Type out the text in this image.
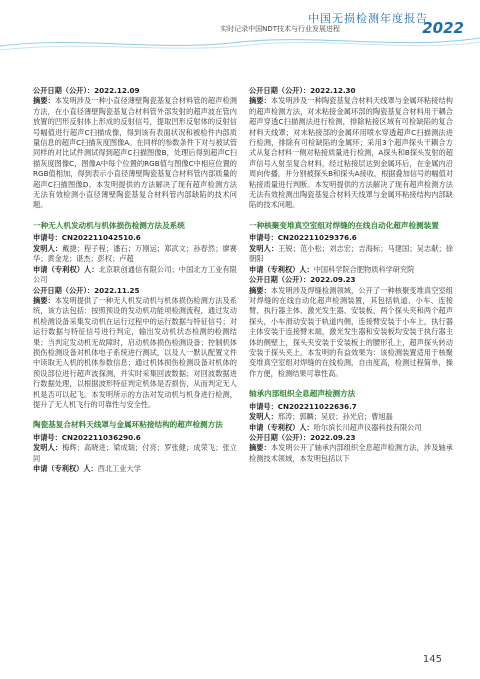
中国无损检测年度报告
2022
实时记录中国NDT技术与行业发展进程

公开日期（公开）：2022.12.09

摘要：本发明涉及一种小直径薄壁陶瓷基复合材料管的超声检测方法，在小直径薄壁陶瓷基复合材料管外部发射的超声波在管内放置的凹形反射体上形成的反射信号，提取凹形反射体的反射信号幅值进行超声C扫描成像，得到该有表面状况和被检件内部质量信息的超声C扫描灰度图像A。在同样的参数条件下对与被试管同样的对比试件测试得到超声C扫描图像B，处理后得到超声C扫描灰度图像C，图像A中每个位置的RGB值与图像C中相应位置的RGB值相加，得到表示小直径薄壁陶瓷基复合材料管内部质量的超声C扫描图像D。本发明提供的方法解决了现有超声检测方法无法有效检测小直径薄壁陶瓷基复合材料管内部缺陷的技术问题。

一种无人机发动机与机体损伤检测方法及系统

申请号：CN202211042510.6

发明人：戴捷；程子程；潘石；万刚运；郑武文；孙春然；廖赛华；黄金龙；谌杰；彭权；卢超

申请（专利权）人：北京联创通信有限公司；中国北方工业有限公司

公开日期（公开）：2022.11.25

摘要：本发明提供了一种无人机发动机与机体损伤检测方法及系统，该方法包括：按照预设的发动机功能项检测流程，通过发动机检测设备采集发动机在运行过程中的运行数据与特征信号；对运行数据与特征信号进行判定，输出发动机状态检测的检测结果；当判定发动机无故障时，启动机体损伤检测设备；控制机体损伤检测设备对机体电子系统进行测试，以及人一默认配置文件中读取无人机的机体参数信息；通过机体损伤检测设备对机体的预设部位进行超声波探测，并实时采集回波数据；对回波数据进行数据处理，以根据波形特征判定机体是否损伤，从而判定无人机是否可以起飞。本发明所示的方法对发动机与机身进行检测，提升了无人机飞行的可靠性与安全性。

陶瓷基复合材料天线罩与金属环粘接结构的超声检测方法

申请号：CN202211036290.6

发明人：梅辉；高晓进；梁成瑞；付亮；罗张健；成荣飞；张立同

申请（专利权）人：西北工业大学

公开日期（公开）：2022.12.30

摘要：本发明涉及一种陶瓷基复合材料天线罩与金属环粘接结构的超声检测方法，对未粘接金属环部的陶瓷基复合材料用干耦合超声穿透C扫描测法进行检测，排除粘接区域有可检缺陷的复合材料天线罩；对未粘接部的金属环用喷水穿透超声C扫描测法进行检测，排除有可检缺陷的金属环；采用3个超声探头干耦合方式从复合材料一侧对粘接质量进行检测，A探头和B探头发射的超声信号入射至复合材料，经过粘接层达到金属环后，在金属内沿周向传播，并分别被探头B和探头A接收，根据叠加信号的幅值对粘接质量进行判断。本发明提供的方法解决了现有超声检测方法无法有效检测出陶瓷基复合材料天线罩与金属环粘接结构内部缺陷的技术问题。

一种核聚变堆真空室组对焊缝的在线自动化超声检测装置

申请号：CN202211029376.6

发明人：王锐；范小松；刘志宏；吉海标；马建国；吴志献；徐朝阳

申请（专利权）人：中国科学院合肥物质科学研究院

公开日期（公开）：2022.09.23

摘要：本发明涉及焊缝检测领域，公开了一种核聚变堆真空室组对焊缝的在线自动化超声检测装置，其包括轨道、小车、连接臂、执行器主体、激光发生器、安装板、两个探头夹和两个超声探头，小车滑动安装于轨道内侧，连接臂安装于小车上，执行器主体安装于连接臂末端，激光发生器和安装板均安装于执行器主体的侧壁上，探头夹安装于安装板上的腰形孔上，超声探头转动安装于探头夹上，本发明的有益效果为：该检测装置适用于核聚变堆真空室组对焊缝的在线检测，自由度高，检测过程简单，操作方便，检测结果可靠性高。

轴承内部组织全息超声检测方法

申请号：CN202211022636.7

发明人：邢涛；郭麟；吴辰；孙光启；曹旭磊

申请（专利权）人：哈尔滨长川超声仪器科技有限公司

公开日期（公开）：2022.09.23

摘要：本发明公开了轴承内部组织全息超声检测方法，涉及轴承检测技术领域，本发明包括以下

145
